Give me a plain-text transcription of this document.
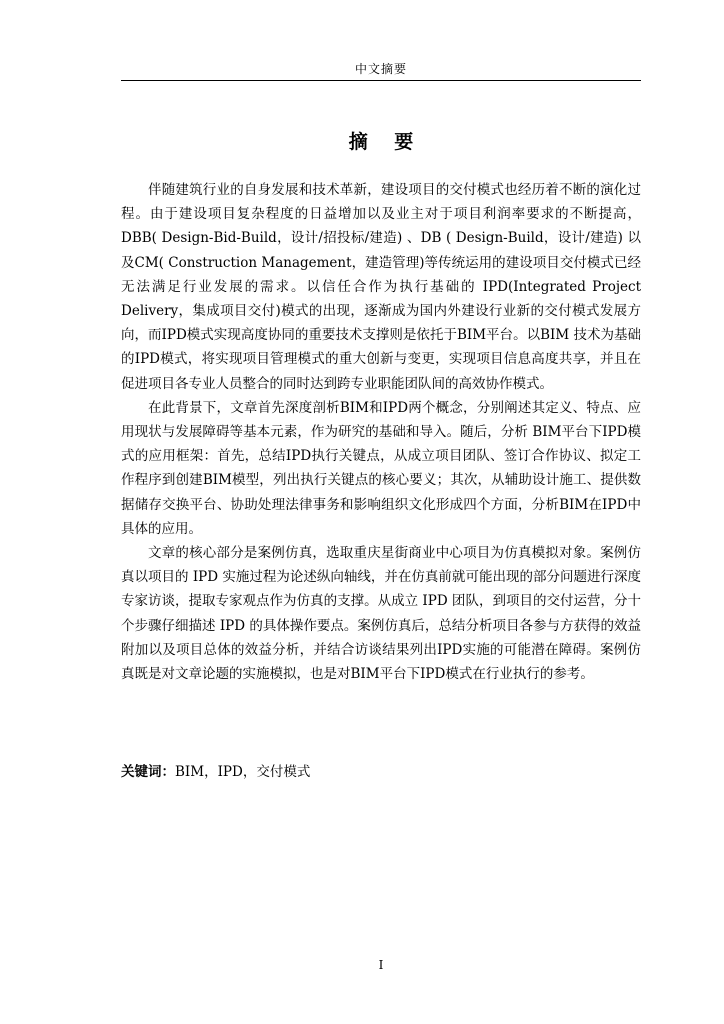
中文摘要
摘    要

伴随建筑行业的自身发展和技术革新，建设项目的交付模式也经历着不断的演化过程。由于建设项目复杂程度的日益增加以及业主对于项目利润率要求的不断提高，DBB( Design-Bid-Build，设计/招投标/建造) 、DB ( Design-Build，设计/建造) 以及CM( Construction Management，建造管理)等传统运用的建设项目交付模式已经无法满足行业发展的需求。以信任合作为执行基础的 IPD(Integrated Project Delivery，集成项目交付)模式的出现，逐渐成为国内外建设行业新的交付模式发展方向，而IPD模式实现高度协同的重要技术支撑则是依托于BIM平台。以BIM 技术为基础的IPD模式，将实现项目管理模式的重大创新与变更，实现项目信息高度共享，并且在促进项目各专业人员整合的同时达到跨专业职能团队间的高效协作模式。

在此背景下，文章首先深度剖析BIM和IPD两个概念，分别阐述其定义、特点、应用现状与发展障碍等基本元素，作为研究的基础和导入。随后，分析 BIM平台下IPD模式的应用框架：首先，总结IPD执行关键点，从成立项目团队、签订合作协议、拟定工作程序到创建BIM模型，列出执行关键点的核心要义；其次，从辅助设计施工、提供数据储存交换平台、协助处理法律事务和影响组织文化形成四个方面，分析BIM在IPD中具体的应用。

文章的核心部分是案例仿真，选取重庆星街商业中心项目为仿真模拟对象。案例仿真以项目的 IPD 实施过程为论述纵向轴线，并在仿真前就可能出现的部分问题进行深度专家访谈，提取专家观点作为仿真的支撑。从成立 IPD 团队，到项目的交付运营，分十个步骤仔细描述 IPD 的具体操作要点。案例仿真后，总结分析项目各参与方获得的效益附加以及项目总体的效益分析，并结合访谈结果列出IPD实施的可能潜在障碍。案例仿真既是对文章论题的实施模拟，也是对BIM平台下IPD模式在行业执行的参考。

关键词：BIM，IPD，交付模式
I
